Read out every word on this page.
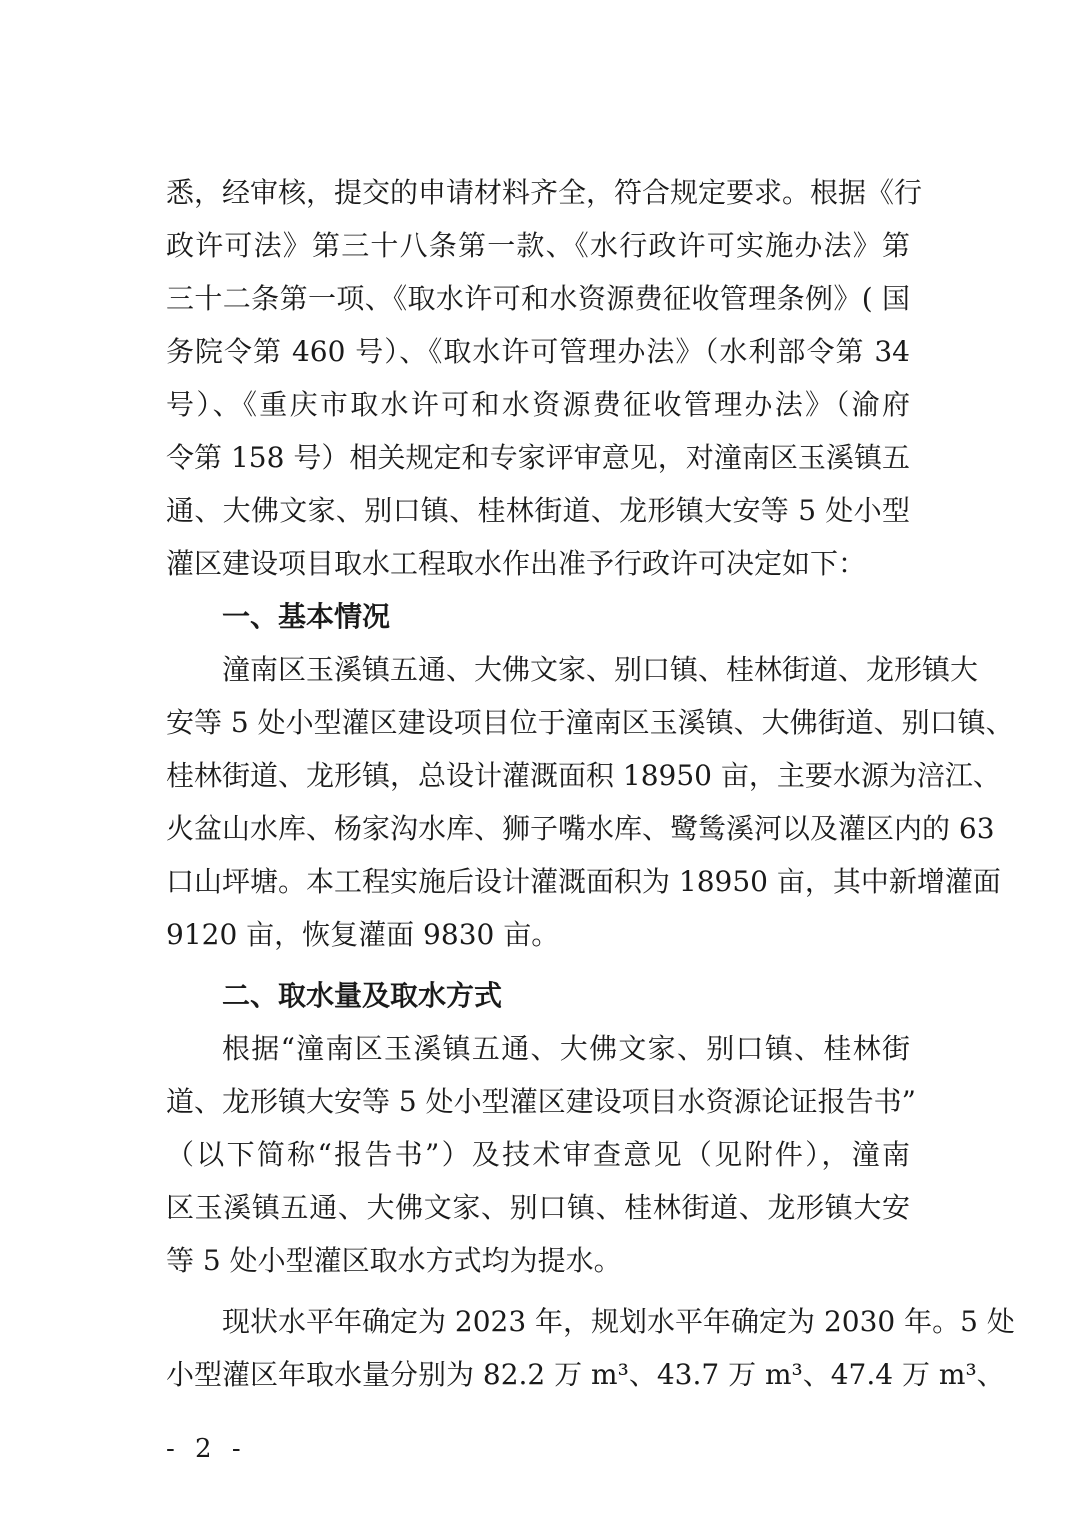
悉，经审核，提交的申请材料齐全，符合规定要求。根据《行
政许可法》第三十八条第一款、《水行政许可实施办法》第
三十二条第一项、《取水许可和水资源费征收管理条例》( 国
务院令第 460 号）、《取水许可管理办法》（水利部令第 34
号）、《重庆市取水许可和水资源费征收管理办法》（渝府
令第 158 号）相关规定和专家评审意见，对潼南区玉溪镇五
通、大佛文家、别口镇、桂林街道、龙形镇大安等 5 处小型
灌区建设项目取水工程取水作出准予行政许可决定如下：
一、基本情况
潼南区玉溪镇五通、大佛文家、别口镇、桂林街道、龙形镇大
安等 5 处小型灌区建设项目位于潼南区玉溪镇、大佛街道、别口镇、
桂林街道、龙形镇，总设计灌溉面积 18950 亩，主要水源为涪江、
火盆山水库、杨家沟水库、狮子嘴水库、鹭鸶溪河以及灌区内的 63
口山坪塘。本工程实施后设计灌溉面积为 18950 亩，其中新增灌面
9120 亩，恢复灌面 9830 亩。
二、取水量及取水方式
根据“潼南区玉溪镇五通、大佛文家、别口镇、桂林街
道、龙形镇大安等 5 处小型灌区建设项目水资源论证报告书”
（以下简称“报告书”）及技术审查意见（见附件），潼南
区玉溪镇五通、大佛文家、别口镇、桂林街道、龙形镇大安
等 5 处小型灌区取水方式均为提水。
现状水平年确定为 2023 年，规划水平年确定为 2030 年。5 处
小型灌区年取水量分别为 82.2 万 m³、43.7 万 m³、47.4 万 m³、
- 2 -
